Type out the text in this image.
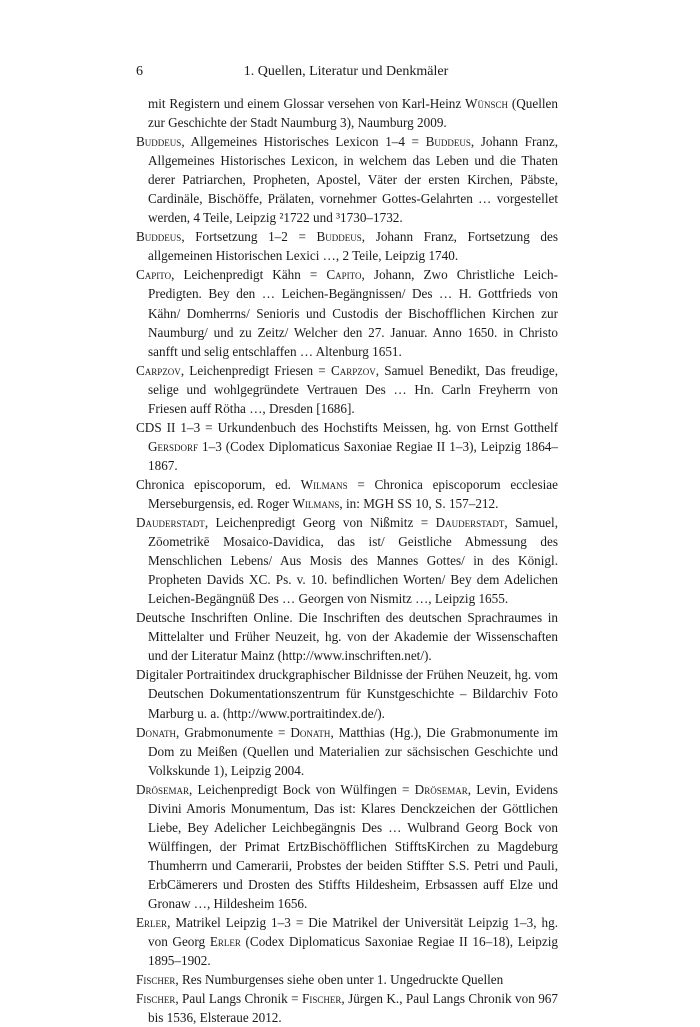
6	1. Quellen, Literatur und Denkmäler

mit Registern und einem Glossar versehen von Karl-Heinz Wünsch (Quellen zur Geschichte der Stadt Naumburg 3), Naumburg 2009.

Buddeus, Allgemeines Historisches Lexicon 1–4 = Buddeus, Johann Franz, Allgemeines Historisches Lexicon, in welchem das Leben und die Thaten derer Patriarchen, Propheten, Apostel, Väter der ersten Kirchen, Päbste, Cardinäle, Bischöffe, Prälaten, vornehmer Gottes-Gelahrten … vorgestellet werden, 4 Teile, Leipzig ²1722 und ³1730–1732.

Buddeus, Fortsetzung 1–2 = Buddeus, Johann Franz, Fortsetzung des allgemeinen Historischen Lexici …, 2 Teile, Leipzig 1740.

Capito, Leichenpredigt Kähn = Capito, Johann, Zwo Christliche Leich-Predigten. Bey den … Leichen-Begängnissen/ Des … H. Gottfrieds von Kähn/ Domherrns/ Senioris und Custodis der Bischofflichen Kirchen zur Naumburg/ und zu Zeitz/ Welcher den 27. Januar. Anno 1650. in Christo sanfft und selig entschlaffen … Altenburg 1651.

Carpzov, Leichenpredigt Friesen = Carpzov, Samuel Benedikt, Das freudige, selige und wohlgegründete Vertrauen Des … Hn. Carln Freyherrn von Friesen auff Rötha …, Dresden [1686].

CDS II 1–3 = Urkundenbuch des Hochstifts Meissen, hg. von Ernst Gotthelf Gersdorf 1–3 (Codex Diplomaticus Saxoniae Regiae II 1–3), Leipzig 1864–1867.

Chronica episcoporum, ed. Wilmans = Chronica episcoporum ecclesiae Merseburgensis, ed. Roger Wilmans, in: MGH SS 10, S. 157–212.

Dauderstadt, Leichenpredigt Georg von Nißmitz = Dauderstadt, Samuel, Zōometrikē Mosaico-Davidica, das ist/ Geistliche Abmessung des Menschlichen Lebens/ Aus Mosis des Mannes Gottes/ in des Königl. Propheten Davids XC. Ps. v. 10. befindlichen Worten/ Bey dem Adelichen Leichen-Begängnüß Des … Georgen von Nismitz …, Leipzig 1655.

Deutsche Inschriften Online. Die Inschriften des deutschen Sprachraumes in Mittelalter und Früher Neuzeit, hg. von der Akademie der Wissenschaften und der Literatur Mainz (http://www.inschriften.net/).

Digitaler Portraitindex druckgraphischer Bildnisse der Frühen Neuzeit, hg. vom Deutschen Dokumentationszentrum für Kunstgeschichte – Bildarchiv Foto Marburg u. a. (http://www.portraitindex.de/).

Donath, Grabmonumente = Donath, Matthias (Hg.), Die Grabmonumente im Dom zu Meißen (Quellen und Materialien zur sächsischen Geschichte und Volkskunde 1), Leipzig 2004.

Drösemar, Leichenpredigt Bock von Wülfingen = Drösemar, Levin, Evidens Divini Amoris Monumentum, Das ist: Klares Denckzeichen der Göttlichen Liebe, Bey Adelicher Leichbegängnis Des … Wulbrand Georg Bock von Wülffingen, der Primat ErtzBischöfflichen StifftsKirchen zu Magdeburg Thumherrn und Camerarii, Probstes der beiden Stiffter S.S. Petri und Pauli, ErbCämerers und Drosten des Stiffts Hildesheim, Erbsassen auff Elze und Gronaw …, Hildesheim 1656.

Erler, Matrikel Leipzig 1–3 = Die Matrikel der Universität Leipzig 1–3, hg. von Georg Erler (Codex Diplomaticus Saxoniae Regiae II 16–18), Leipzig 1895–1902.

Fischer, Res Numburgenses siehe oben unter 1. Ungedruckte Quellen

Fischer, Paul Langs Chronik = Fischer, Jürgen K., Paul Langs Chronik von 967 bis 1536, Elsteraue 2012.
